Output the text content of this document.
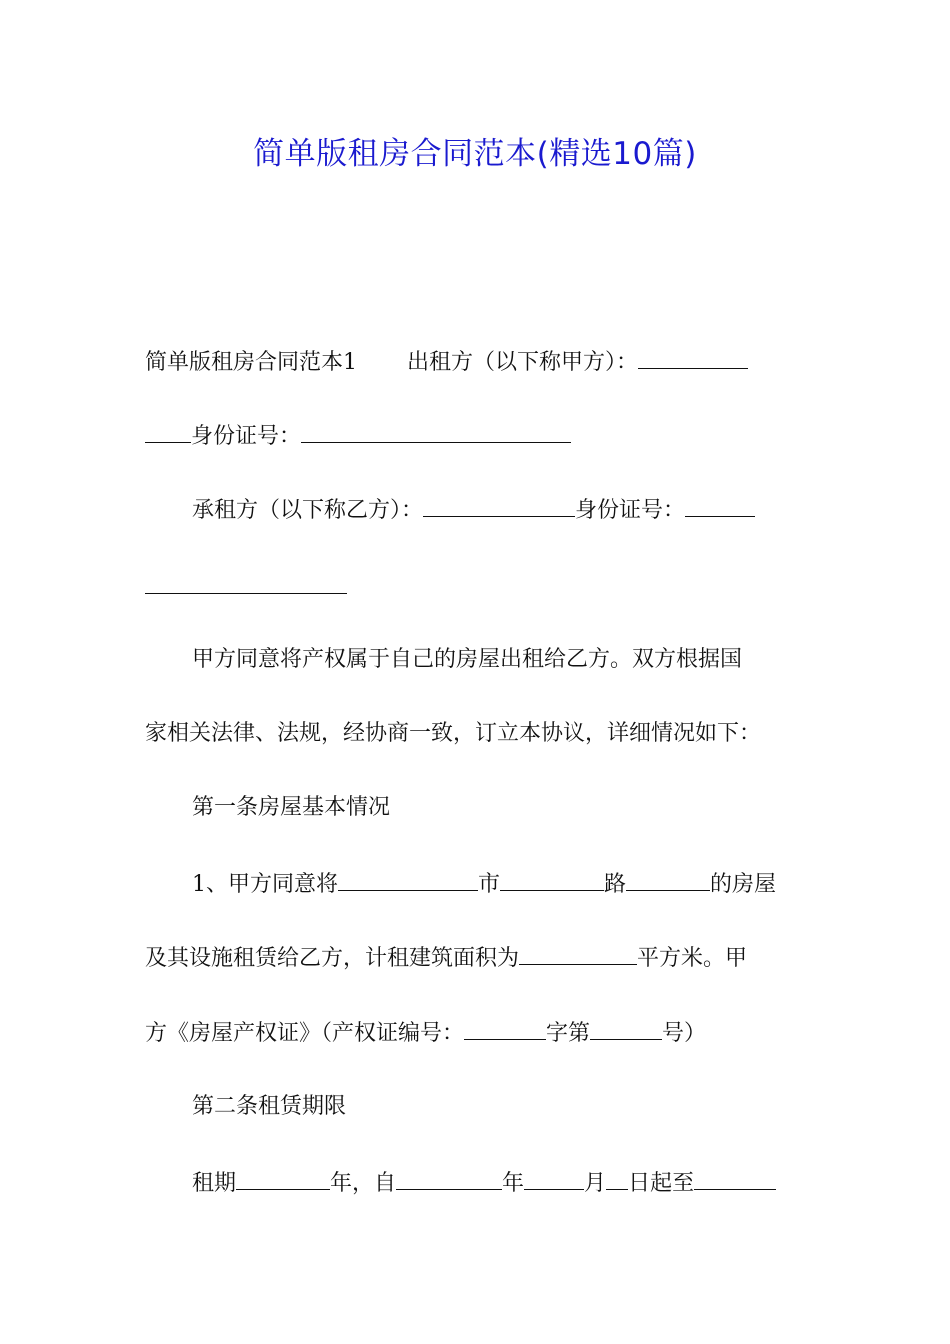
简单版租房合同范本(精选10篇)
简单版租房合同范本1 出租方（以下称甲方）：
身份证号：
承租方（以下称乙方）：	身份证号：
甲方同意将产权属于自己的房屋出租给乙方。双方根据国
家相关法律、法规，经协商一致，订立本协议，详细情况如下：
第一条房屋基本情况
1、甲方同意将	市	路	的房屋
及其设施租赁给乙方，计租建筑面积为	平方米。甲
方《房屋产权证》（产权证编号：	字第	号）
第二条租赁期限
租期	年，自	年	月 日起至
